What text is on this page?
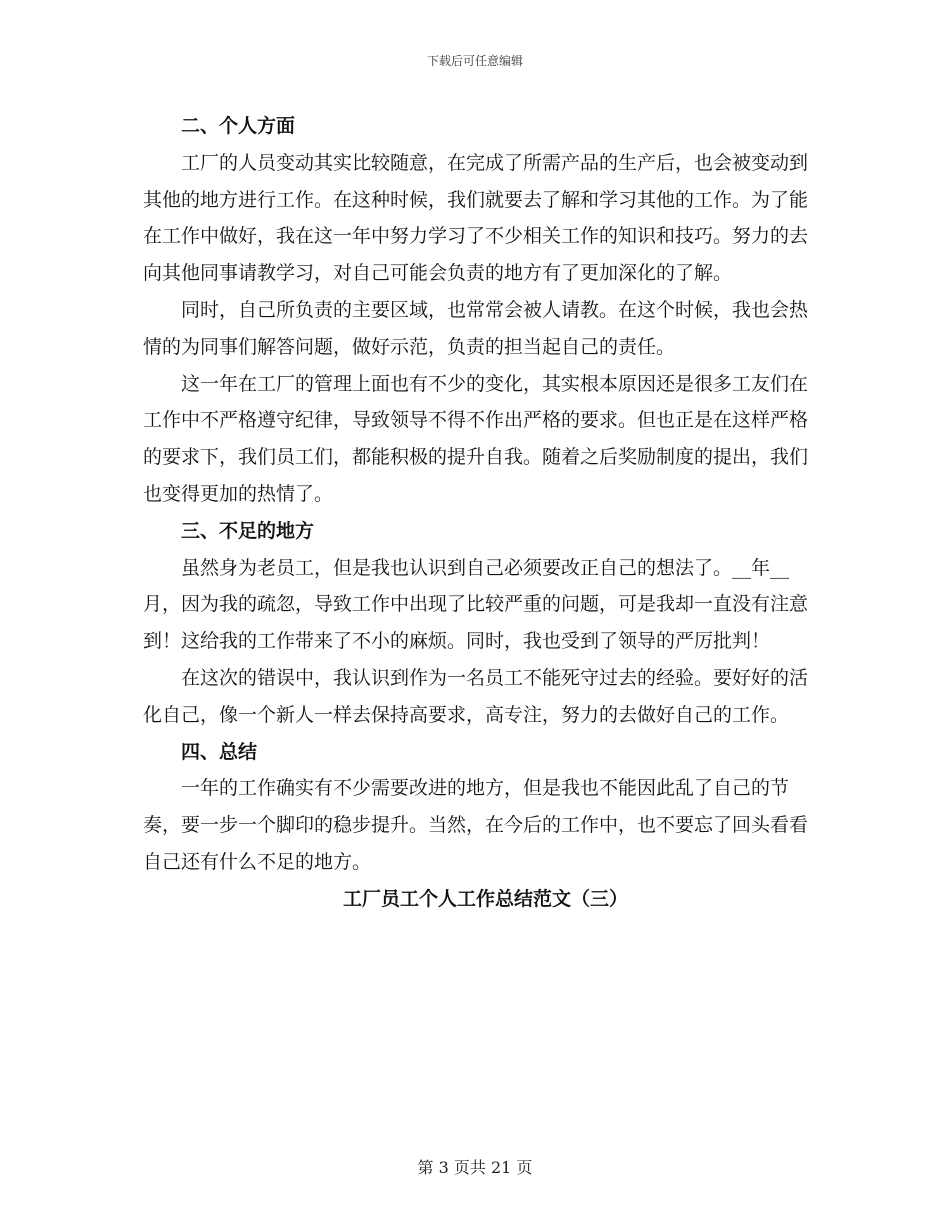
下载后可任意编辑

二、个人方面

工厂的人员变动其实比较随意，在完成了所需产品的生产后，也会被变动到其他的地方进行工作。在这种时候，我们就要去了解和学习其他的工作。为了能在工作中做好，我在这一年中努力学习了不少相关工作的知识和技巧。努力的去向其他同事请教学习，对自己可能会负责的地方有了更加深化的了解。

同时，自己所负责的主要区域，也常常会被人请教。在这个时候，我也会热情的为同事们解答问题，做好示范，负责的担当起自己的责任。

这一年在工厂的管理上面也有不少的变化，其实根本原因还是很多工友们在工作中不严格遵守纪律，导致领导不得不作出严格的要求。但也正是在这样严格的要求下，我们员工们，都能积极的提升自我。随着之后奖励制度的提出，我们也变得更加的热情了。

三、不足的地方

虽然身为老员工，但是我也认识到自己必须要改正自己的想法了。__年__月，因为我的疏忽，导致工作中出现了比较严重的问题，可是我却一直没有注意到！这给我的工作带来了不小的麻烦。同时，我也受到了领导的严厉批判！

在这次的错误中，我认识到作为一名员工不能死守过去的经验。要好好的活化自己，像一个新人一样去保持高要求，高专注，努力的去做好自己的工作。

四、总结

一年的工作确实有不少需要改进的地方，但是我也不能因此乱了自己的节奏，要一步一个脚印的稳步提升。当然，在今后的工作中，也不要忘了回头看看自己还有什么不足的地方。

工厂员工个人工作总结范文（三）

第 3 页共 21 页
